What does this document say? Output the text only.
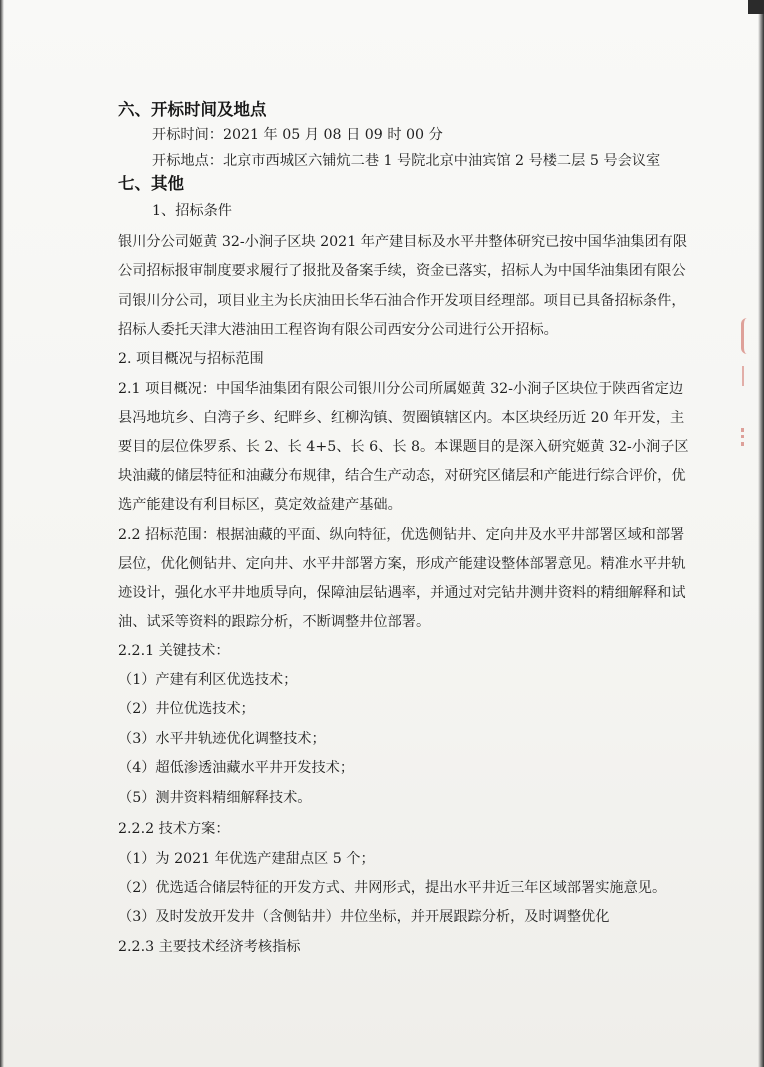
六、开标时间及地点
开标时间：2021 年 05 月 08 日 09 时 00 分
开标地点：北京市西城区六铺炕二巷 1 号院北京中油宾馆 2 号楼二层 5 号会议室
七、其他
1、招标条件
银川分公司姬黄 32-小涧子区块 2021 年产建目标及水平井整体研究已按中国华油集团有限
公司招标报审制度要求履行了报批及备案手续，资金已落实，招标人为中国华油集团有限公
司银川分公司，项目业主为长庆油田长华石油合作开发项目经理部。项目已具备招标条件，
招标人委托天津大港油田工程咨询有限公司西安分公司进行公开招标。
2. 项目概况与招标范围
2.1 项目概况：中国华油集团有限公司银川分公司所属姬黄 32-小涧子区块位于陕西省定边
县冯地坑乡、白湾子乡、纪畔乡、红柳沟镇、贺圈镇辖区内。本区块经历近 20 年开发，主
要目的层位侏罗系、长 2、长 4+5、长 6、长 8。本课题目的是深入研究姬黄 32-小涧子区
块油藏的储层特征和油藏分布规律，结合生产动态，对研究区储层和产能进行综合评价，优
选产能建设有利目标区，莫定效益建产基础。
2.2 招标范围：根据油藏的平面、纵向特征，优选侧钻井、定向井及水平井部署区域和部署
层位，优化侧钻井、定向井、水平井部署方案，形成产能建设整体部署意见。精准水平井轨
迹设计，强化水平井地质导向，保障油层钻遇率，并通过对完钻井测井资料的精细解释和试
油、试采等资料的跟踪分析，不断调整井位部署。
2.2.1 关键技术：
（1）产建有利区优选技术；
（2）井位优选技术；
（3）水平井轨迹优化调整技术；
（4）超低渗透油藏水平井开发技术；
（5）测井资料精细解释技术。
2.2.2 技术方案：
（1）为 2021 年优选产建甜点区 5 个；
（2）优选适合储层特征的开发方式、井网形式，提出水平井近三年区域部署实施意见。
（3）及时发放开发井（含侧钻井）井位坐标，并开展跟踪分析，及时调整优化
2.2.3 主要技术经济考核指标
